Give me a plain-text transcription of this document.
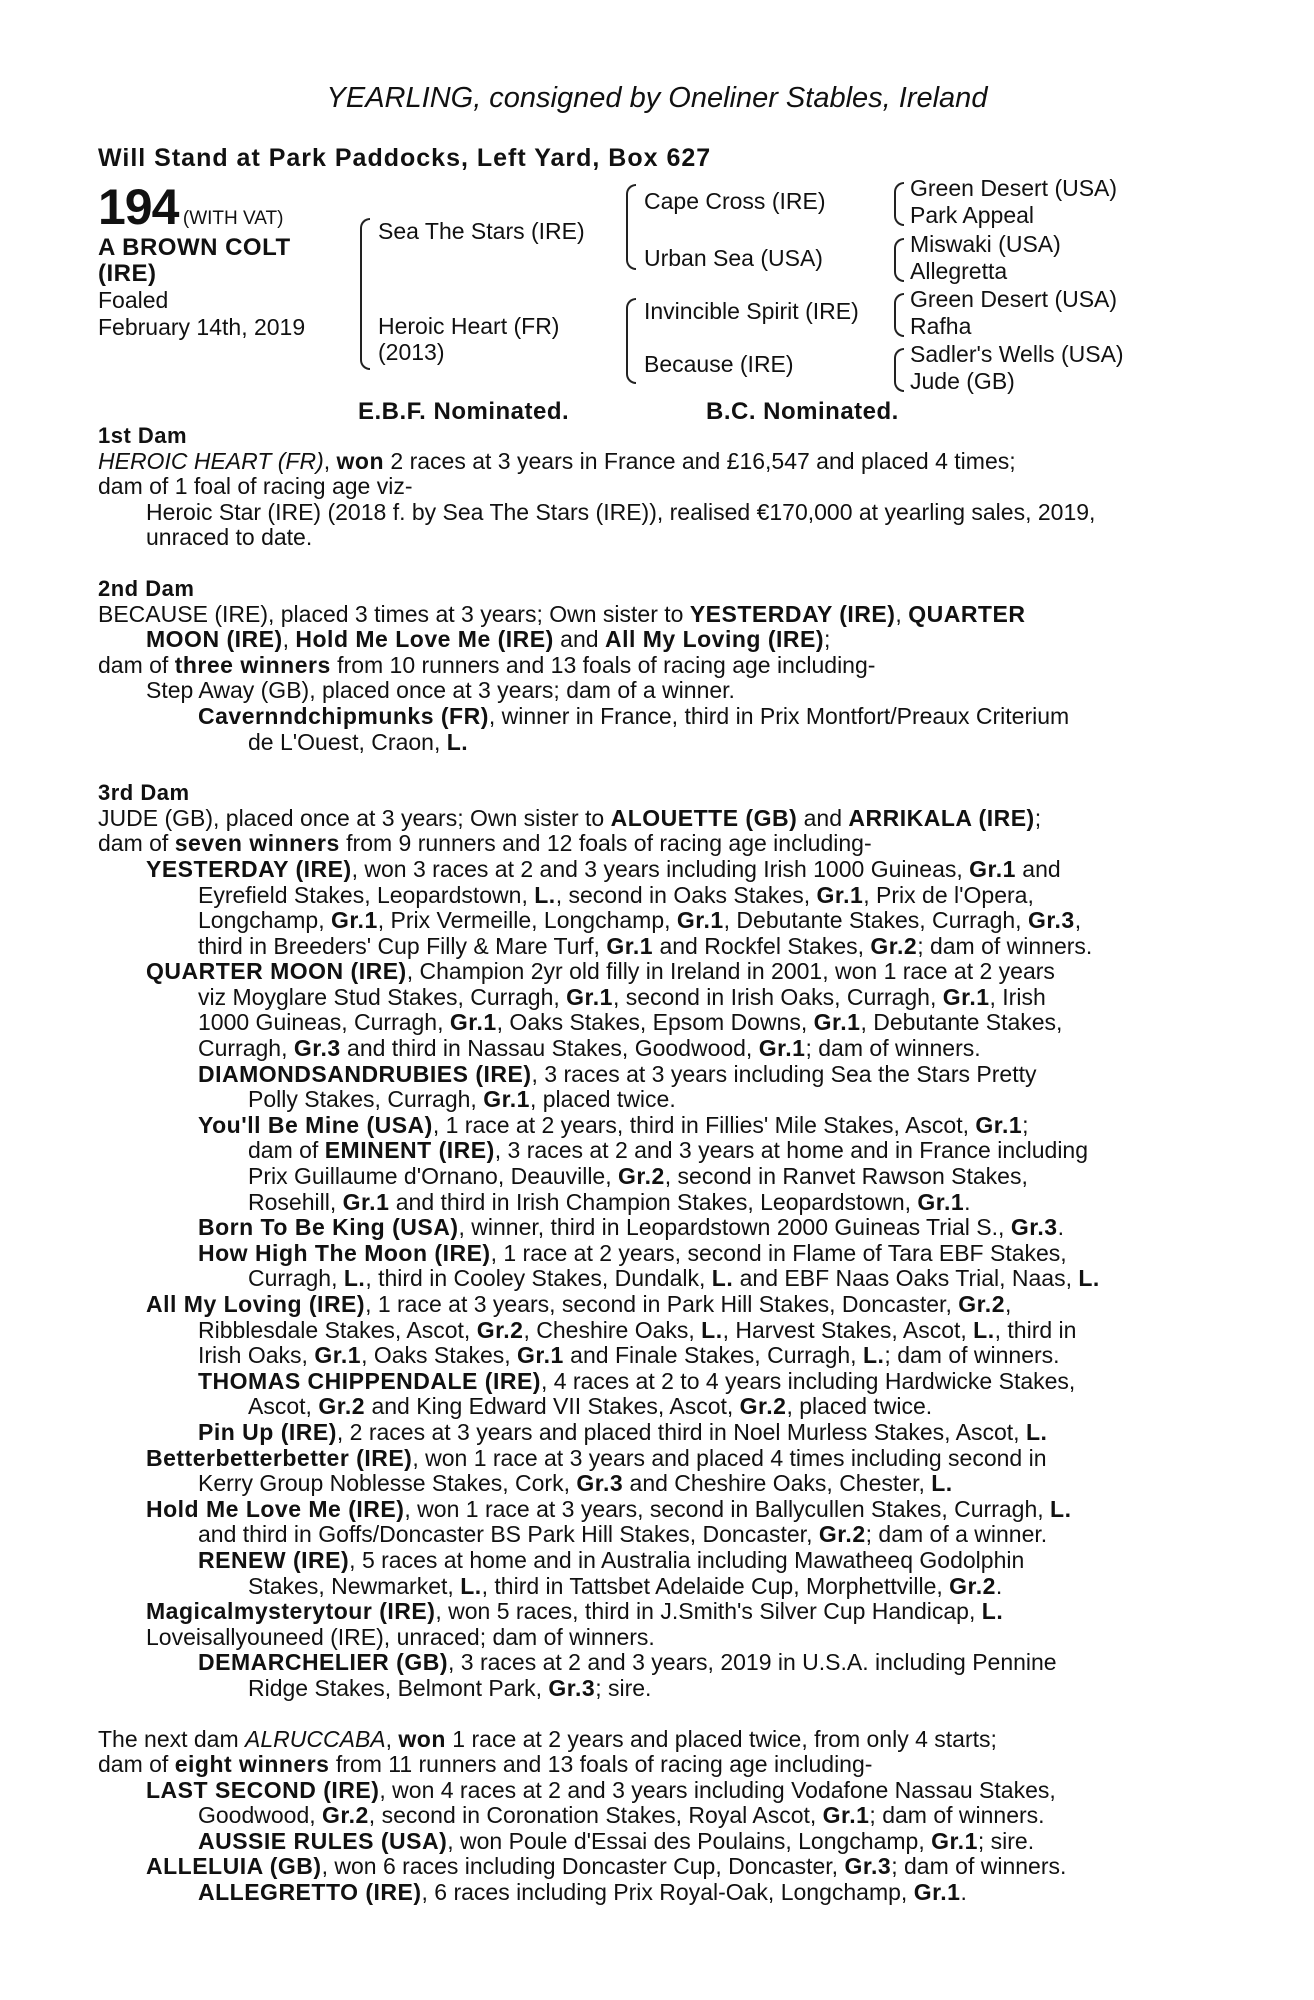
YEARLING, consigned by Oneliner Stables, Ireland
Will Stand at Park Paddocks, Left Yard, Box 627
194 (WITH VAT)
A BROWN COLT
(IRE)
Foaled
February 14th, 2019
Sea The Stars (IRE)
Heroic Heart (FR)
(2013)
Cape Cross (IRE)
Urban Sea (USA)
Invincible Spirit (IRE)
Because (IRE)
Green Desert (USA)
Park Appeal
Miswaki (USA)
Allegretta
Green Desert (USA)
Rafha
Sadler's Wells (USA)
Jude (GB)
E.B.F. Nominated.	B.C. Nominated.
1st Dam
HEROIC HEART (FR), won 2 races at 3 years in France and £16,547 and placed 4 times;
dam of 1 foal of racing age viz-
Heroic Star (IRE) (2018 f. by Sea The Stars (IRE)), realised €170,000 at yearling sales, 2019,
unraced to date.
2nd Dam
BECAUSE (IRE), placed 3 times at 3 years; Own sister to YESTERDAY (IRE), QUARTER
MOON (IRE), Hold Me Love Me (IRE) and All My Loving (IRE);
dam of three winners from 10 runners and 13 foals of racing age including-
Step Away (GB), placed once at 3 years; dam of a winner.
Cavernndchipmunks (FR), winner in France, third in Prix Montfort/Preaux Criterium
de L'Ouest, Craon, L.
3rd Dam
JUDE (GB), placed once at 3 years; Own sister to ALOUETTE (GB) and ARRIKALA (IRE);
dam of seven winners from 9 runners and 12 foals of racing age including-
YESTERDAY (IRE), won 3 races at 2 and 3 years including Irish 1000 Guineas, Gr.1 and
Eyrefield Stakes, Leopardstown, L., second in Oaks Stakes, Gr.1, Prix de l'Opera,
Longchamp, Gr.1, Prix Vermeille, Longchamp, Gr.1, Debutante Stakes, Curragh, Gr.3,
third in Breeders' Cup Filly & Mare Turf, Gr.1 and Rockfel Stakes, Gr.2; dam of winners.
QUARTER MOON (IRE), Champion 2yr old filly in Ireland in 2001, won 1 race at 2 years
viz Moyglare Stud Stakes, Curragh, Gr.1, second in Irish Oaks, Curragh, Gr.1, Irish
1000 Guineas, Curragh, Gr.1, Oaks Stakes, Epsom Downs, Gr.1, Debutante Stakes,
Curragh, Gr.3 and third in Nassau Stakes, Goodwood, Gr.1; dam of winners.
DIAMONDSANDRUBIES (IRE), 3 races at 3 years including Sea the Stars Pretty
Polly Stakes, Curragh, Gr.1, placed twice.
You'll Be Mine (USA), 1 race at 2 years, third in Fillies' Mile Stakes, Ascot, Gr.1;
dam of EMINENT (IRE), 3 races at 2 and 3 years at home and in France including
Prix Guillaume d'Ornano, Deauville, Gr.2, second in Ranvet Rawson Stakes,
Rosehill, Gr.1 and third in Irish Champion Stakes, Leopardstown, Gr.1.
Born To Be King (USA), winner, third in Leopardstown 2000 Guineas Trial S., Gr.3.
How High The Moon (IRE), 1 race at 2 years, second in Flame of Tara EBF Stakes,
Curragh, L., third in Cooley Stakes, Dundalk, L. and EBF Naas Oaks Trial, Naas, L.
All My Loving (IRE), 1 race at 3 years, second in Park Hill Stakes, Doncaster, Gr.2,
Ribblesdale Stakes, Ascot, Gr.2, Cheshire Oaks, L., Harvest Stakes, Ascot, L., third in
Irish Oaks, Gr.1, Oaks Stakes, Gr.1 and Finale Stakes, Curragh, L.; dam of winners.
THOMAS CHIPPENDALE (IRE), 4 races at 2 to 4 years including Hardwicke Stakes,
Ascot, Gr.2 and King Edward VII Stakes, Ascot, Gr.2, placed twice.
Pin Up (IRE), 2 races at 3 years and placed third in Noel Murless Stakes, Ascot, L.
Betterbetterbetter (IRE), won 1 race at 3 years and placed 4 times including second in
Kerry Group Noblesse Stakes, Cork, Gr.3 and Cheshire Oaks, Chester, L.
Hold Me Love Me (IRE), won 1 race at 3 years, second in Ballycullen Stakes, Curragh, L.
and third in Goffs/Doncaster BS Park Hill Stakes, Doncaster, Gr.2; dam of a winner.
RENEW (IRE), 5 races at home and in Australia including Mawatheeq Godolphin
Stakes, Newmarket, L., third in Tattsbet Adelaide Cup, Morphettville, Gr.2.
Magicalmysterytour (IRE), won 5 races, third in J.Smith's Silver Cup Handicap, L.
Loveisallyouneed (IRE), unraced; dam of winners.
DEMARCHELIER (GB), 3 races at 2 and 3 years, 2019 in U.S.A. including Pennine
Ridge Stakes, Belmont Park, Gr.3; sire.
The next dam ALRUCCABA, won 1 race at 2 years and placed twice, from only 4 starts;
dam of eight winners from 11 runners and 13 foals of racing age including-
LAST SECOND (IRE), won 4 races at 2 and 3 years including Vodafone Nassau Stakes,
Goodwood, Gr.2, second in Coronation Stakes, Royal Ascot, Gr.1; dam of winners.
AUSSIE RULES (USA), won Poule d'Essai des Poulains, Longchamp, Gr.1; sire.
ALLELUIA (GB), won 6 races including Doncaster Cup, Doncaster, Gr.3; dam of winners.
ALLEGRETTO (IRE), 6 races including Prix Royal-Oak, Longchamp, Gr.1.
